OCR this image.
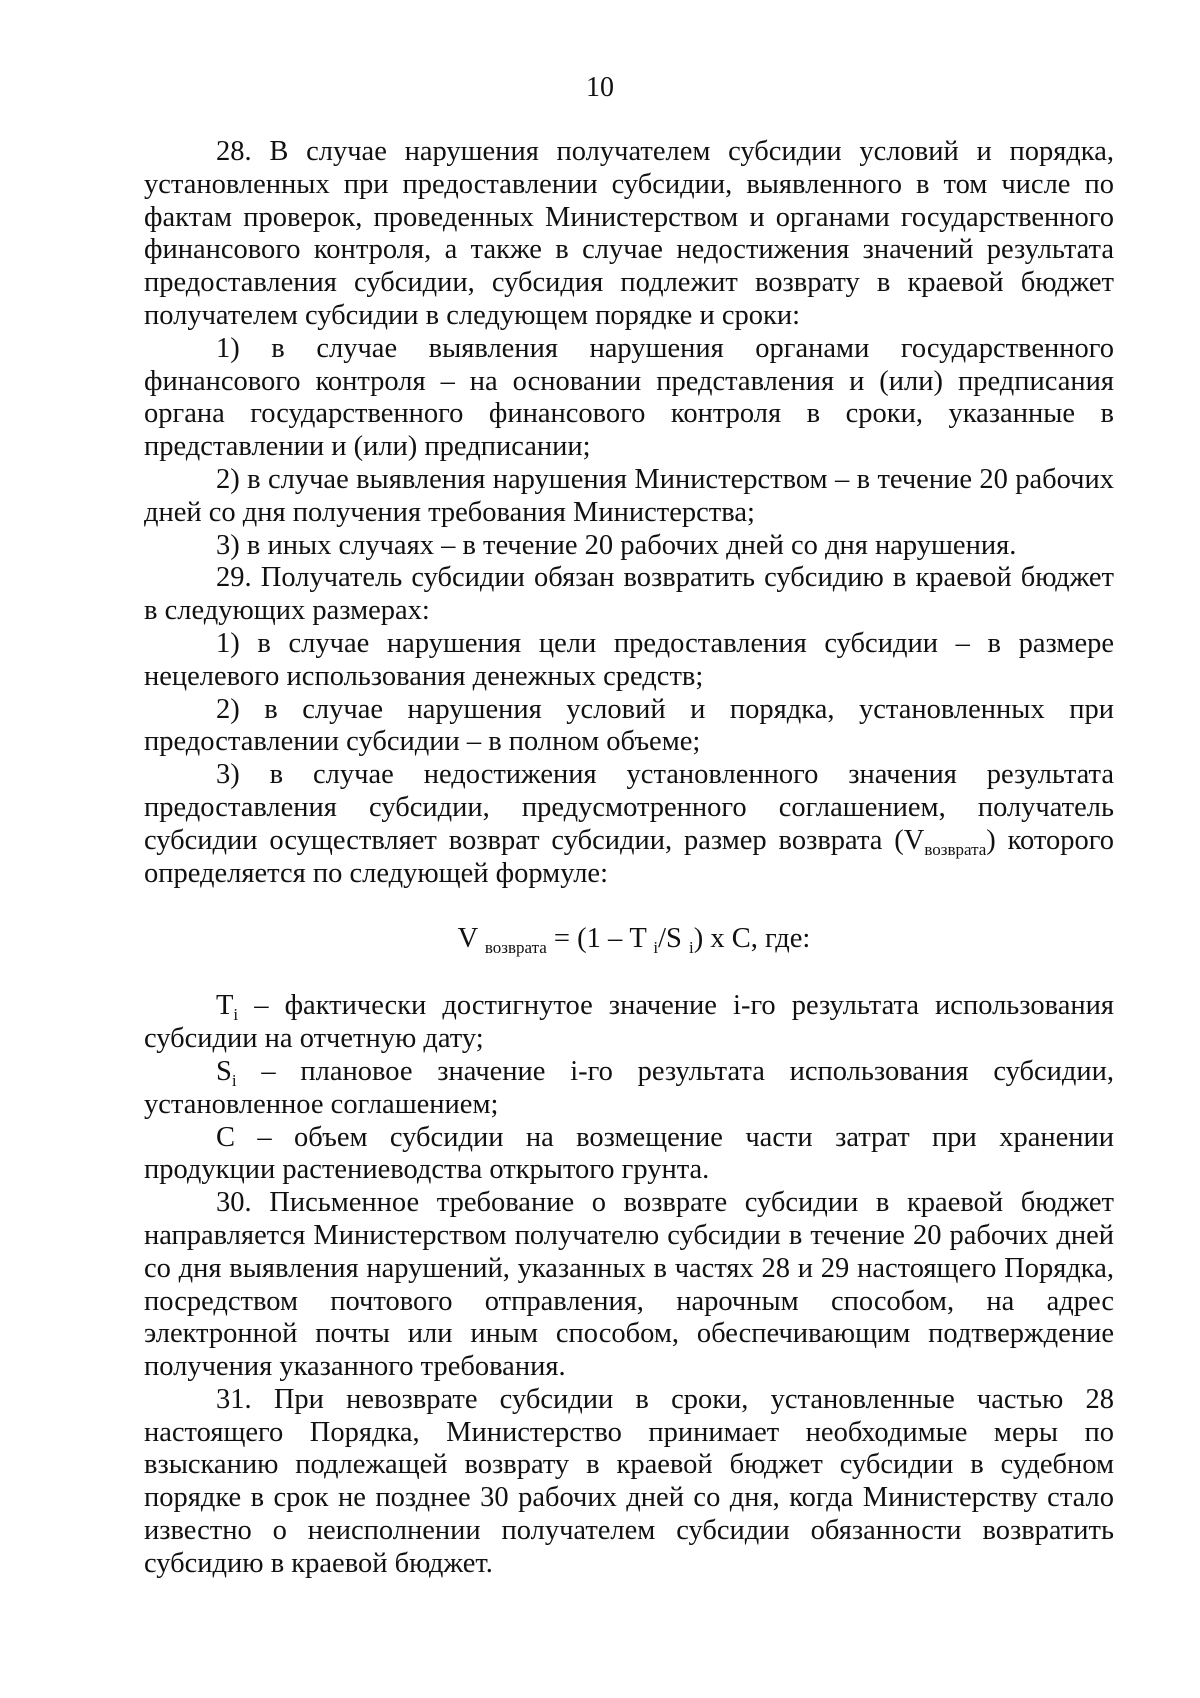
10

28. В случае нарушения получателем субсидии условий и порядка, установленных при предоставлении субсидии, выявленного в том числе по фактам проверок, проведенных Министерством и органами государственного финансового контроля, а также в случае недостижения значений результата предоставления субсидии, субсидия подлежит возврату в краевой бюджет получателем субсидии в следующем порядке и сроки:

1) в случае выявления нарушения органами государственного финансового контроля – на основании представления и (или) предписания органа государственного финансового контроля в сроки, указанные в представлении и (или) предписании;

2) в случае выявления нарушения Министерством – в течение 20 рабочих дней со дня получения требования Министерства;

3) в иных случаях – в течение 20 рабочих дней со дня нарушения.

29. Получатель субсидии обязан возвратить субсидию в краевой бюджет в следующих размерах:

1) в случае нарушения цели предоставления субсидии – в размере нецелевого использования денежных средств;

2) в случае нарушения условий и порядка, установленных при предоставлении субсидии – в полном объеме;

3) в случае недостижения установленного значения результата предоставления субсидии, предусмотренного соглашением, получатель субсидии осуществляет возврат субсидии, размер возврата $(V_{возврата})$ которого определяется по следующей формуле:

V $_{возврата}$ = (1 – T $_i$/S $_i$) х С, где:

$T_i$ – фактически достигнутое значение i-го результата использования субсидии на отчетную дату;

$S_i$ – плановое значение i-го результата использования субсидии, установленное соглашением;

С – объем субсидии на возмещение части затрат при хранении продукции растениеводства открытого грунта.

30. Письменное требование о возврате субсидии в краевой бюджет направляется Министерством получателю субсидии в течение 20 рабочих дней со дня выявления нарушений, указанных в частях 28 и 29 настоящего Порядка, посредством почтового отправления, нарочным способом, на адрес электронной почты или иным способом, обеспечивающим подтверждение получения указанного требования.

31. При невозврате субсидии в сроки, установленные частью 28 настоящего Порядка, Министерство принимает необходимые меры по взысканию подлежащей возврату в краевой бюджет субсидии в судебном порядке в срок не позднее 30 рабочих дней со дня, когда Министерству стало известно о неисполнении получателем субсидии обязанности возвратить субсидию в краевой бюджет.
